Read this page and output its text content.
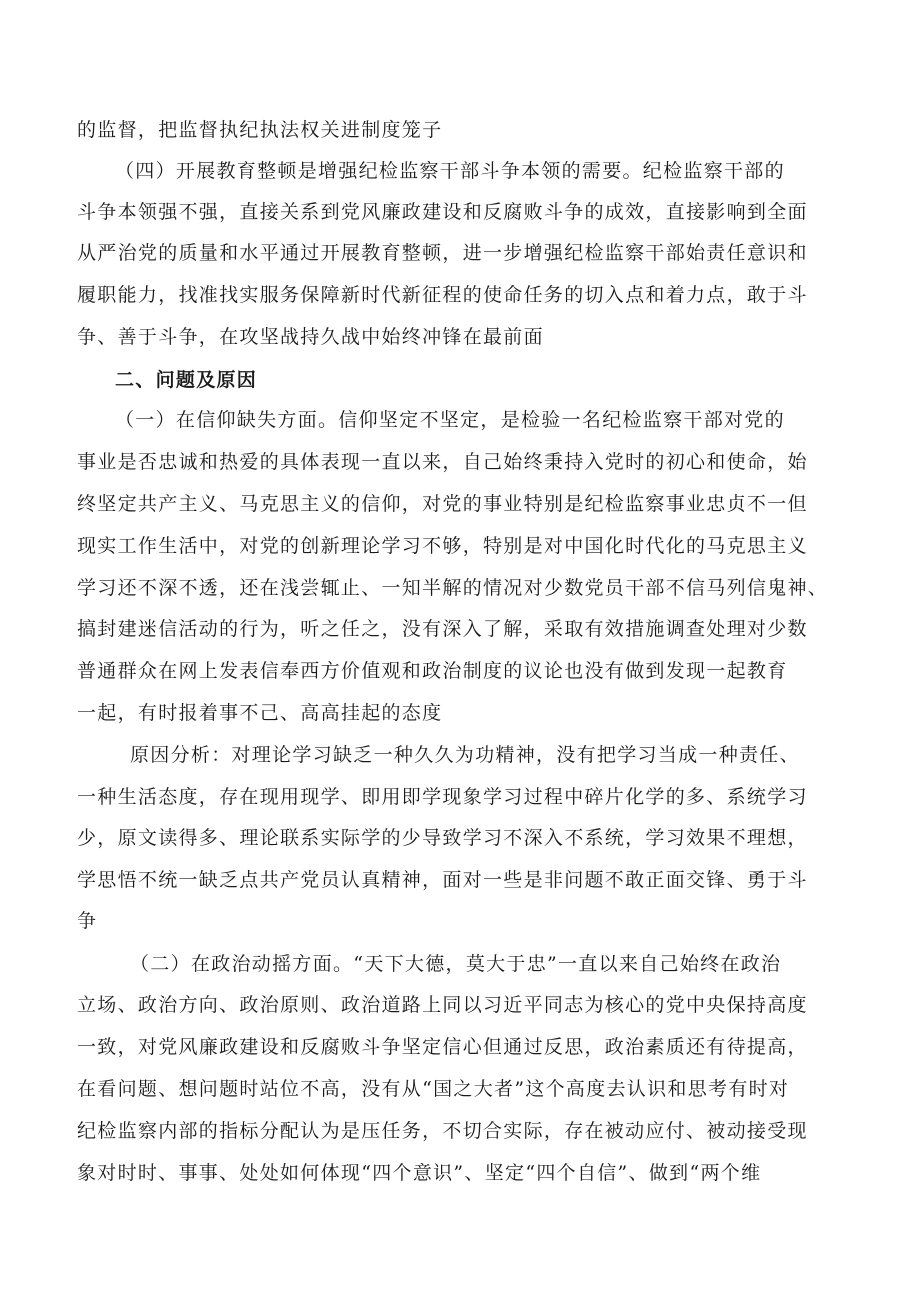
的监督，把监督执纪执法权关进制度笼子
（四）开展教育整顿是增强纪检监察干部斗争本领的需要。纪检监察干部的
斗争本领强不强，直接关系到党风廉政建设和反腐败斗争的成效，直接影响到全面
从严治党的质量和水平通过开展教育整顿，进一步增强纪检监察干部始责任意识和
履职能力，找准找实服务保障新时代新征程的使命任务的切入点和着力点，敢于斗
争、善于斗争，在攻坚战持久战中始终冲锋在最前面
二、问题及原因
（一）在信仰缺失方面。信仰坚定不坚定，是检验一名纪检监察干部对党的
事业是否忠诚和热爱的具体表现一直以来，自己始终秉持入党时的初心和使命，始
终坚定共产主义、马克思主义的信仰，对党的事业特别是纪检监察事业忠贞不一但
现实工作生活中，对党的创新理论学习不够，特别是对中国化时代化的马克思主义
学习还不深不透，还在浅尝辄止、一知半解的情况对少数党员干部不信马列信鬼神、
搞封建迷信活动的行为，听之任之，没有深入了解，采取有效措施调查处理对少数
普通群众在网上发表信奉西方价值观和政治制度的议论也没有做到发现一起教育
一起，有时报着事不己、高高挂起的态度
原因分析：对理论学习缺乏一种久久为功精神，没有把学习当成一种责任、
一种生活态度，存在现用现学、即用即学现象学习过程中碎片化学的多、系统学习
少，原文读得多、理论联系实际学的少导致学习不深入不系统，学习效果不理想，
学思悟不统一缺乏点共产党员认真精神，面对一些是非问题不敢正面交锋、勇于斗
争
（二）在政治动摇方面。“天下大德，莫大于忠”一直以来自己始终在政治
立场、政治方向、政治原则、政治道路上同以习近平同志为核心的党中央保持高度
一致，对党风廉政建设和反腐败斗争坚定信心但通过反思，政治素质还有待提高，
在看问题、想问题时站位不高，没有从“国之大者”这个高度去认识和思考有时对
纪检监察内部的指标分配认为是压任务，不切合实际，存在被动应付、被动接受现
象对时时、事事、处处如何体现“四个意识”、坚定“四个自信”、做到“两个维
